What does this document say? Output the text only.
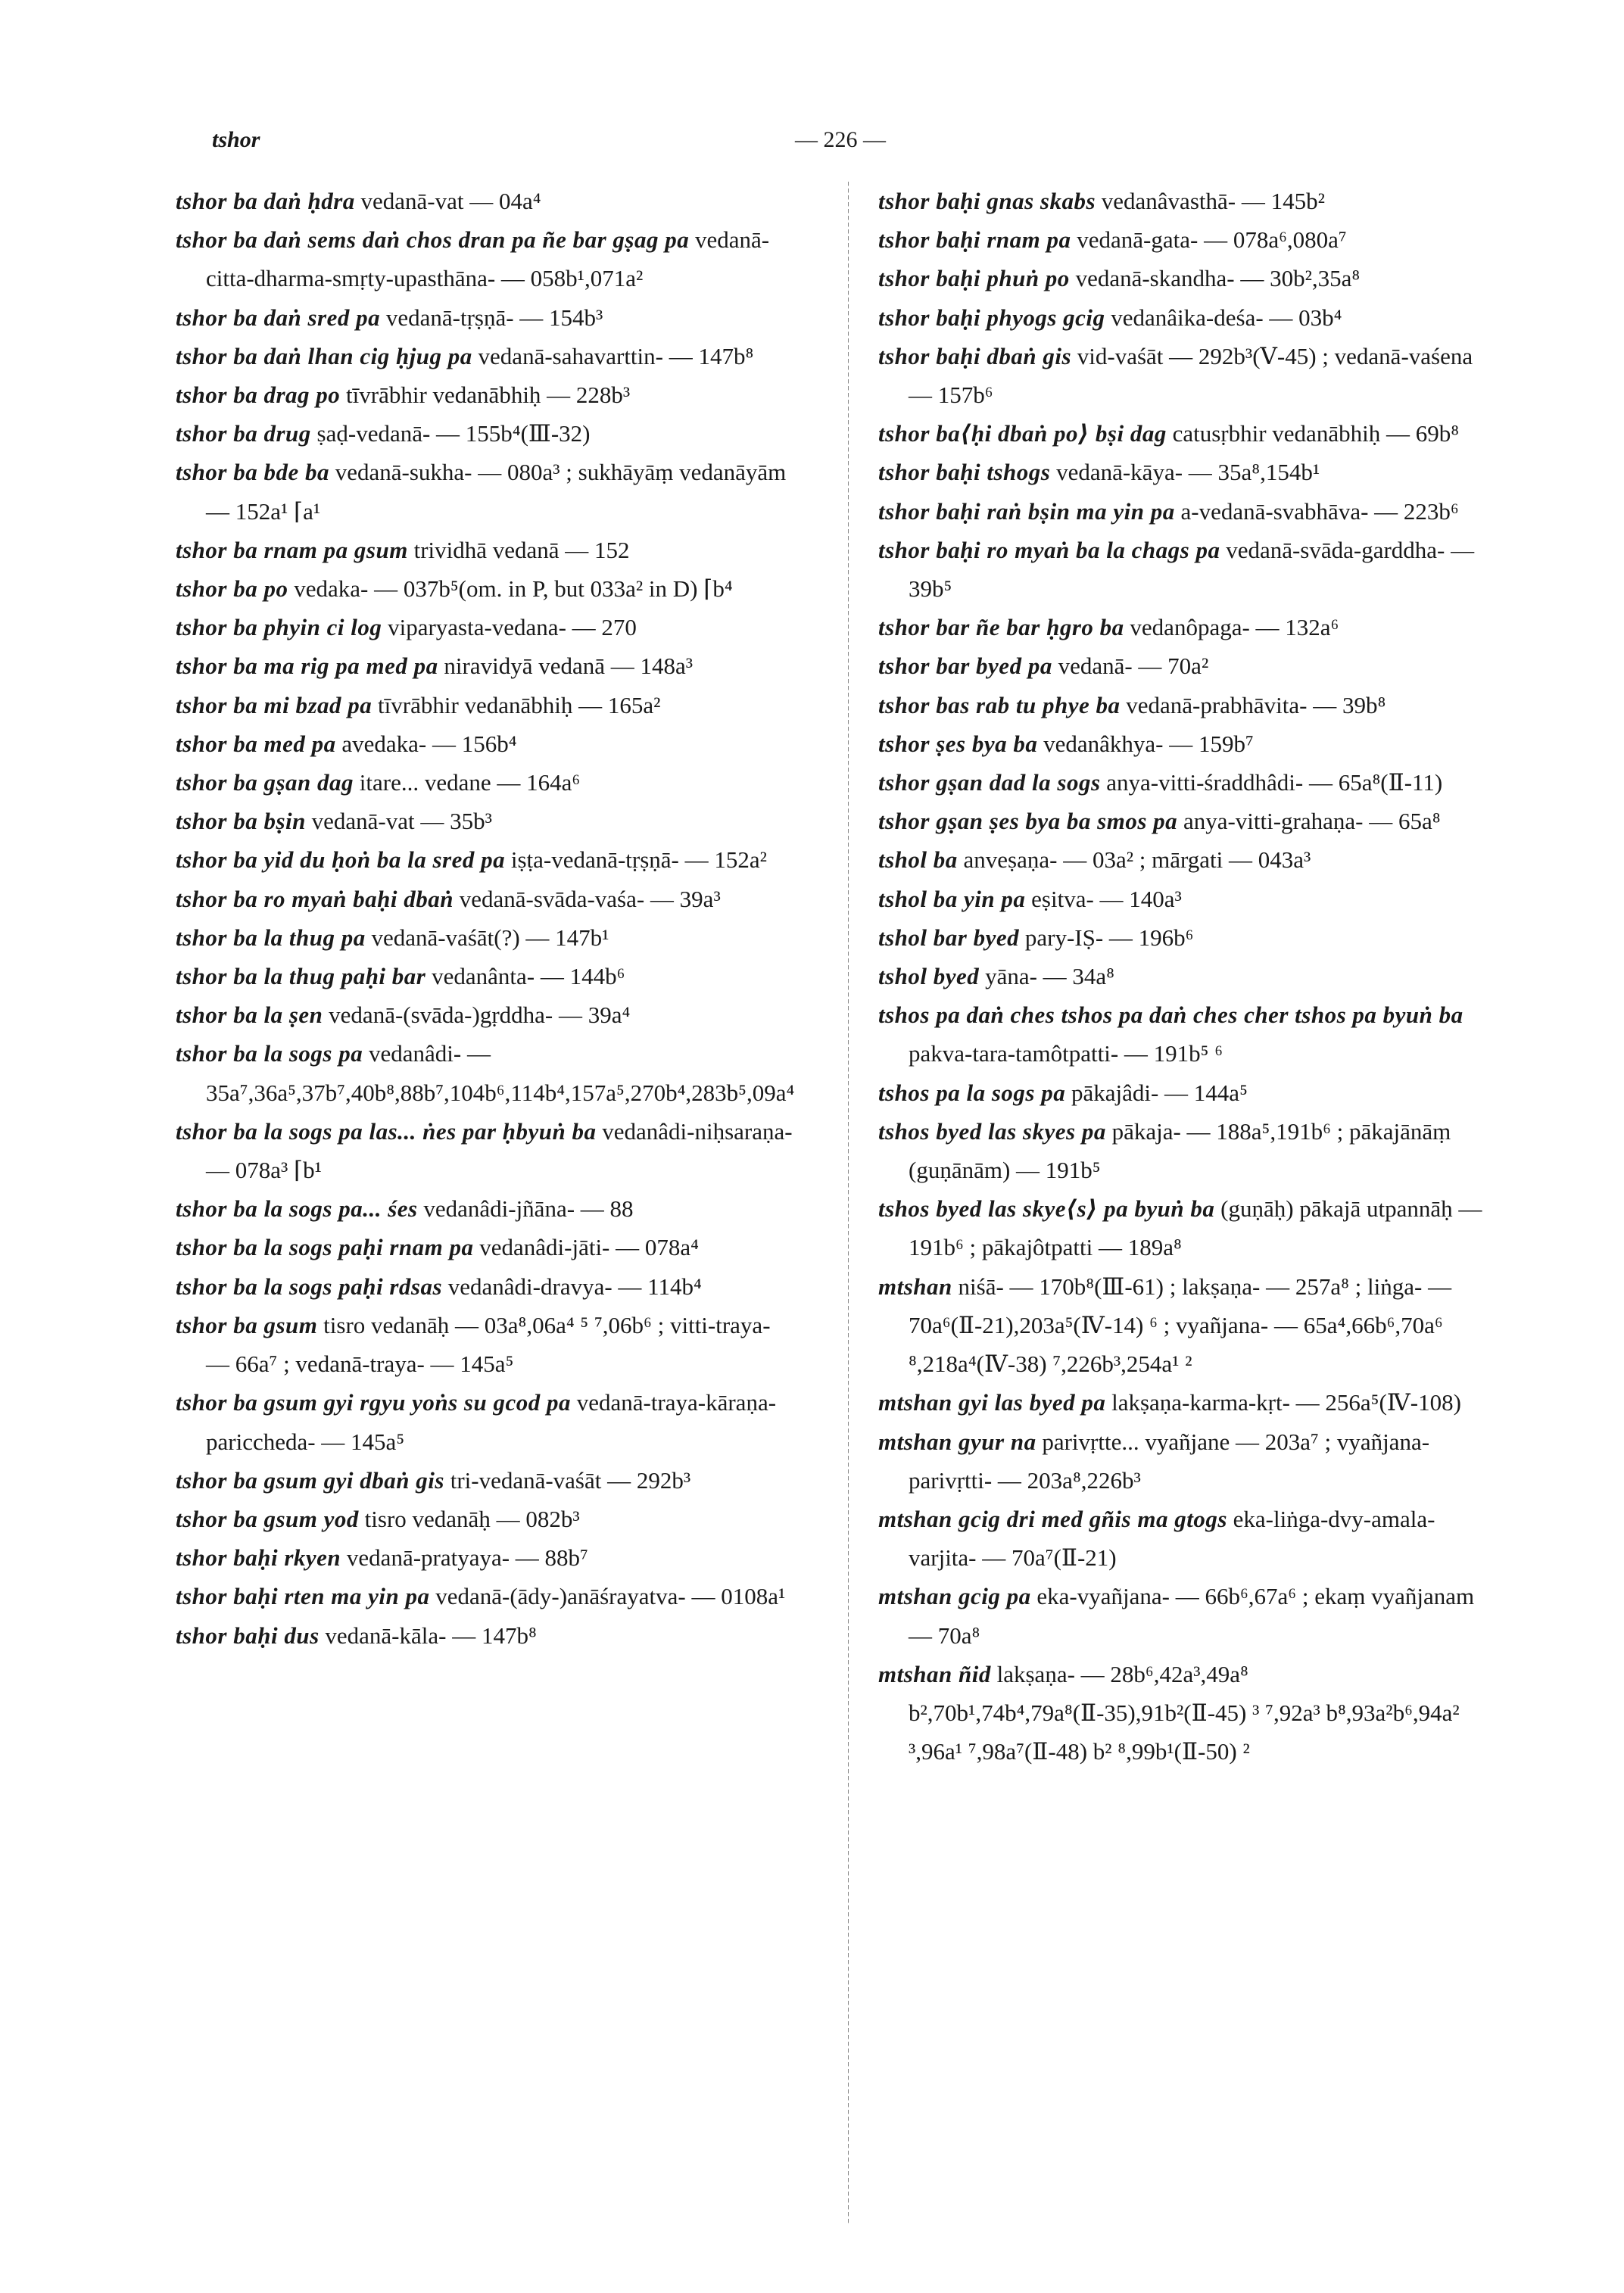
tshor	— 226 —
tshor ba daṅ ḥdra vedanā-vat — 04a⁴
tshor ba daṅ sems daṅ chos dran pa ñe bar gṣag pa vedanā-citta-dharma-smṛty-upasthāna- — 058b¹,071a²
tshor ba daṅ sred pa vedanā-tṛṣṇā- — 154b³
tshor ba daṅ lhan cig ḥjug pa vedanā-sahavarttin- — 147b⁸
tshor ba drag po tīvrābhir vedanābhiḥ — 228b³
tshor ba drug ṣaḍ-vedanā- — 155b⁴(Ⅲ-32)
tshor ba bde ba vedanā-sukha- — 080a³ ; sukhāyāṃ vedanāyām — 152a¹ ⌈a¹
tshor ba rnam pa gsum trividhā vedanā — 152
tshor ba po vedaka- — 037b⁵(om. in P, but 033a² in D) ⌈b⁴
tshor ba phyin ci log viparyasta-vedana- — 270
tshor ba ma rig pa med pa niravidyā vedanā — 148a³
tshor ba mi bzad pa tīvrābhir vedanābhiḥ — 165a²
tshor ba med pa avedaka- — 156b⁴
tshor ba gṣan dag itare... vedane — 164a⁶
tshor ba bṣin vedanā-vat — 35b³
tshor ba yid du ḥoṅ ba la sred pa iṣṭa-vedanā-tṛṣṇā- — 152a²
tshor ba ro myaṅ baḥi dbaṅ vedanā-svāda-vaśa- — 39a³
tshor ba la thug pa vedanā-vaśāt(?) — 147b¹
tshor ba la thug paḥi bar vedanânta- — 144b⁶
tshor ba la ṣen vedanā-(svāda-)gṛddha- — 39a⁴
tshor ba la sogs pa vedanâdi- — 35a⁷,36a⁵,37b⁷,40b⁸,88b⁷,104b⁶,114b⁴,157a⁵,270b⁴,283b⁵,09a⁴
tshor ba la sogs pa las... ṅes par ḥbyuṅ ba vedanâdi-niḥsaraṇa- — 078a³ ⌈b¹
tshor ba la sogs pa... śes vedanâdi-jñāna- — 88
tshor ba la sogs paḥi rnam pa vedanâdi-jāti- — 078a⁴
tshor ba la sogs paḥi rdsas vedanâdi-dravya- — 114b⁴
tshor ba gsum tisro vedanāḥ — 03a⁸,06a⁴ ⁵ ⁷,06b⁶ ; vitti-traya- — 66a⁷ ; vedanā-traya- — 145a⁵
tshor ba gsum gyi rgyu yoṅs su gcod pa vedanā-traya-kāraṇa-pariccheda- — 145a⁵
tshor ba gsum gyi dbaṅ gis tri-vedanā-vaśāt — 292b³
tshor ba gsum yod tisro vedanāḥ — 082b³
tshor baḥi rkyen vedanā-pratyaya- — 88b⁷
tshor baḥi rten ma yin pa vedanā-(ādy-)anāśrayatva- — 0108a¹
tshor baḥi dus vedanā-kāla- — 147b⁸
tshor baḥi gnas skabs vedanâvasthā- — 145b²
tshor baḥi rnam pa vedanā-gata- — 078a⁶,080a⁷
tshor baḥi phuṅ po vedanā-skandha- — 30b²,35a⁸
tshor baḥi phyogs gcig vedanâika-deśa- — 03b⁴
tshor baḥi dbaṅ gis vid-vaśāt — 292b³(Ⅴ-45) ; vedanā-vaśena — 157b⁶
tshor ba⟨ḥi dbaṅ po⟩ bṣi dag catusṛbhir vedanābhiḥ — 69b⁸
tshor baḥi tshogs vedanā-kāya- — 35a⁸,154b¹
tshor baḥi raṅ bṣin ma yin pa a-vedanā-svabhāva- — 223b⁶
tshor baḥi ro myaṅ ba la chags pa vedanā-svāda-garddha- — 39b⁵
tshor bar ñe bar ḥgro ba vedanôpaga- — 132a⁶
tshor bar byed pa vedanā- — 70a²
tshor bas rab tu phye ba vedanā-prabhāvita- — 39b⁸
tshor ṣes bya ba vedanâkhya- — 159b⁷
tshor gṣan dad la sogs anya-vitti-śraddhâdi- — 65a⁸(Ⅱ-11)
tshor gṣan ṣes bya ba smos pa anya-vitti-grahaṇa- — 65a⁸
tshol ba anveṣaṇa- — 03a² ; mārgati — 043a³
tshol ba yin pa eṣitva- — 140a³
tshol bar byed pary-IṢ- — 196b⁶
tshol byed yāna- — 34a⁸
tshos pa daṅ ches tshos pa daṅ ches cher tshos pa byuṅ ba pakva-tara-tamôtpatti- — 191b⁵ ⁶
tshos pa la sogs pa pākajâdi- — 144a⁵
tshos byed las skyes pa pākaja- — 188a⁵,191b⁶ ; pākajānāṃ (guṇānām) — 191b⁵
tshos byed las skye⟨s⟩ pa byuṅ ba (guṇāḥ) pākajā utpannāḥ — 191b⁶ ; pākajôtpatti — 189a⁸
mtshan niśā- — 170b⁸(Ⅲ-61) ; lakṣaṇa- — 257a⁸ ; liṅga- — 70a⁶(Ⅱ-21),203a⁵(Ⅳ-14) ⁶ ; vyañjana- — 65a⁴,66b⁶,70a⁶ ⁸,218a⁴(Ⅳ-38) ⁷,226b³,254a¹ ²
mtshan gyi las byed pa lakṣaṇa-karma-kṛt- — 256a⁵(Ⅳ-108)
mtshan gyur na parivṛtte... vyañjane — 203a⁷ ; vyañjana-parivṛtti- — 203a⁸,226b³
mtshan gcig dri med gñis ma gtogs eka-liṅga-dvy-amala-varjita- — 70a⁷(Ⅱ-21)
mtshan gcig pa eka-vyañjana- — 66b⁶,67a⁶ ; ekaṃ vyañjanam — 70a⁸
mtshan ñid lakṣaṇa- — 28b⁶,42a³,49a⁸ b²,70b¹,74b⁴,79a⁸(Ⅱ-35),91b²(Ⅱ-45) ³ ⁷,92a³ b⁸,93a²b⁶,94a² ³,96a¹ ⁷,98a⁷(Ⅱ-48) b² ⁸,99b¹(Ⅱ-50) ²
